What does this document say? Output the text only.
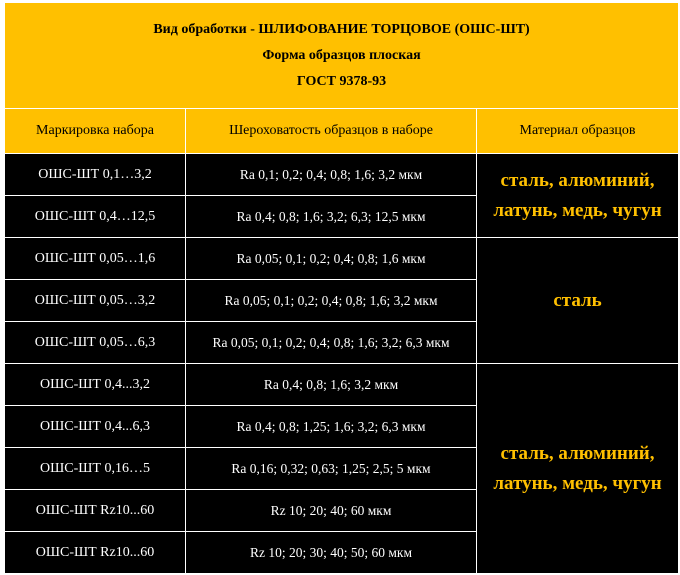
Вид обработки - ШЛИФОВАНИЕ ТОРЦОВОЕ (ОШС-ШТ)
Форма образцов плоская
ГОСТ 9378-93		

Маркировка набора	Шероховатость образцов в наборе	Материал образцов
ОШС-ШТ 0,1…3,2	Ra 0,1; 0,2; 0,4; 0,8; 1,6; 3,2 мкм	сталь, алюминий,
латунь, медь, чугун

ОШС-ШТ 0,4…12,5	Ra 0,4; 0,8; 1,6; 3,2; 6,3; 12,5 мкм	
ОШС-ШТ 0,05…1,6	Ra 0,05; 0,1; 0,2; 0,4; 0,8; 1,6 мкм	сталь

ОШС-ШТ 0,05…3,2	Ra 0,05; 0,1; 0,2; 0,4; 0,8; 1,6; 3,2 мкм	
ОШС-ШТ 0,05…6,3	Ra 0,05; 0,1; 0,2; 0,4; 0,8; 1,6; 3,2; 6,3 мкм	
ОШС-ШТ 0,4...3,2	Ra 0,4; 0,8; 1,6; 3,2 мкм	сталь, алюминий,
латунь, медь, чугун

ОШС-ШТ 0,4...6,3	Ra 0,4; 0,8; 1,25; 1,6; 3,2; 6,3 мкм	
ОШС-ШТ 0,16…5	Ra 0,16; 0,32; 0,63; 1,25; 2,5; 5 мкм	
ОШС-ШТ Rz10...60	Rz 10; 20; 40; 60 мкм	
ОШС-ШТ Rz10...60	Rz 10; 20; 30; 40; 50; 60 мкм	
